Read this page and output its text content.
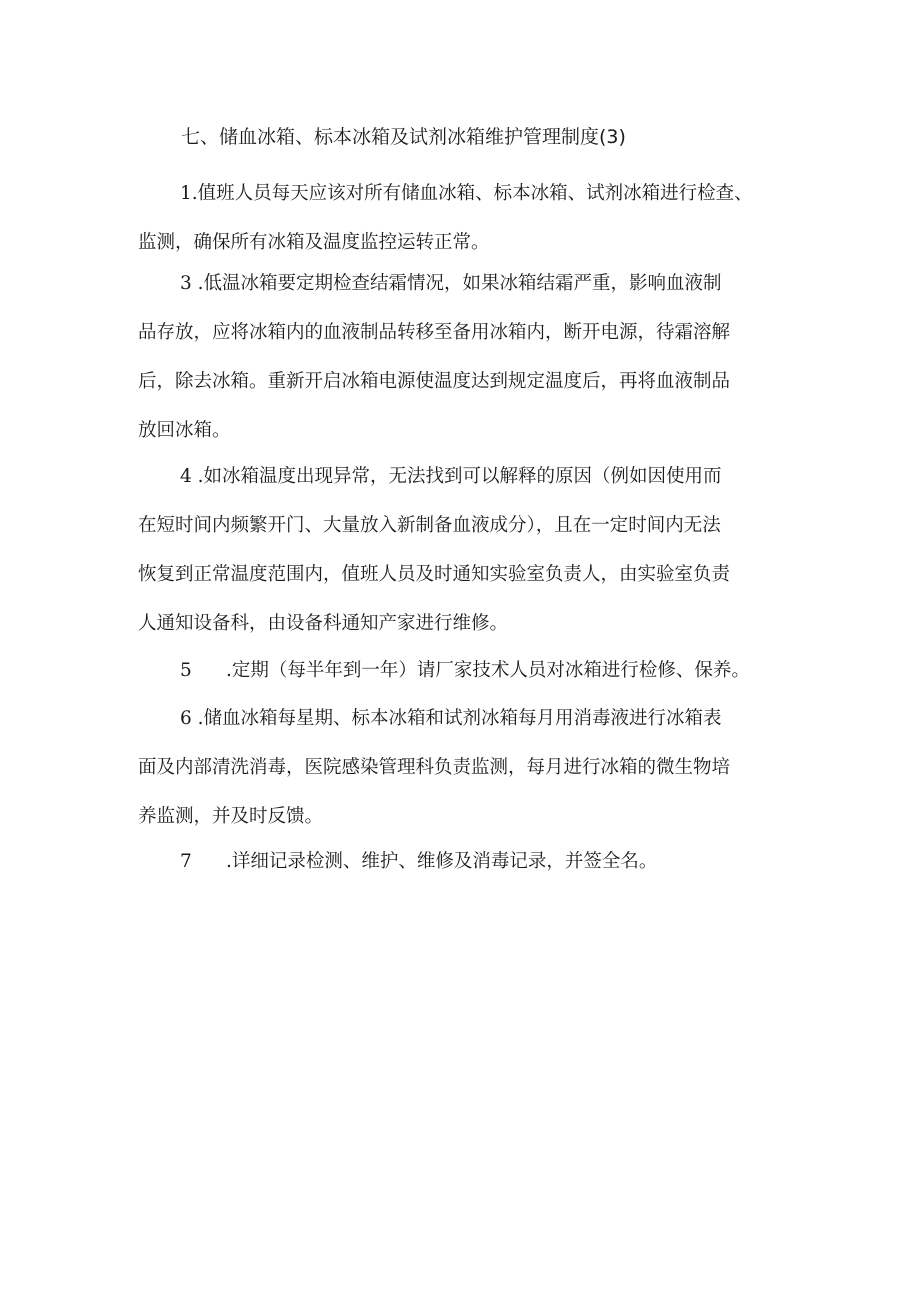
七、储血冰箱、标本冰箱及试剂冰箱维护管理制度(3)
1.值班人员每天应该对所有储血冰箱、标本冰箱、试剂冰箱进行检查、
监测，确保所有冰箱及温度监控运转正常。
3 .低温冰箱要定期检查结霜情况，如果冰箱结霜严重，影响血液制
品存放，应将冰箱内的血液制品转移至备用冰箱内，断开电源，待霜溶解
后，除去冰箱。重新开启冰箱电源使温度达到规定温度后，再将血液制品
放回冰箱。
4 .如冰箱温度出现异常，无法找到可以解释的原因（例如因使用而
在短时间内频繁开门、大量放入新制备血液成分），且在一定时间内无法
恢复到正常温度范围内，值班人员及时通知实验室负责人，由实验室负责
人通知设备科，由设备科通知产家进行维修。
5 .定期（每半年到一年）请厂家技术人员对冰箱进行检修、保养。
6 .储血冰箱每星期、标本冰箱和试剂冰箱每月用消毒液进行冰箱表
面及内部清洗消毒，医院感染管理科负责监测，每月进行冰箱的微生物培
养监测，并及时反馈。
7 .详细记录检测、维护、维修及消毒记录，并签全名。
